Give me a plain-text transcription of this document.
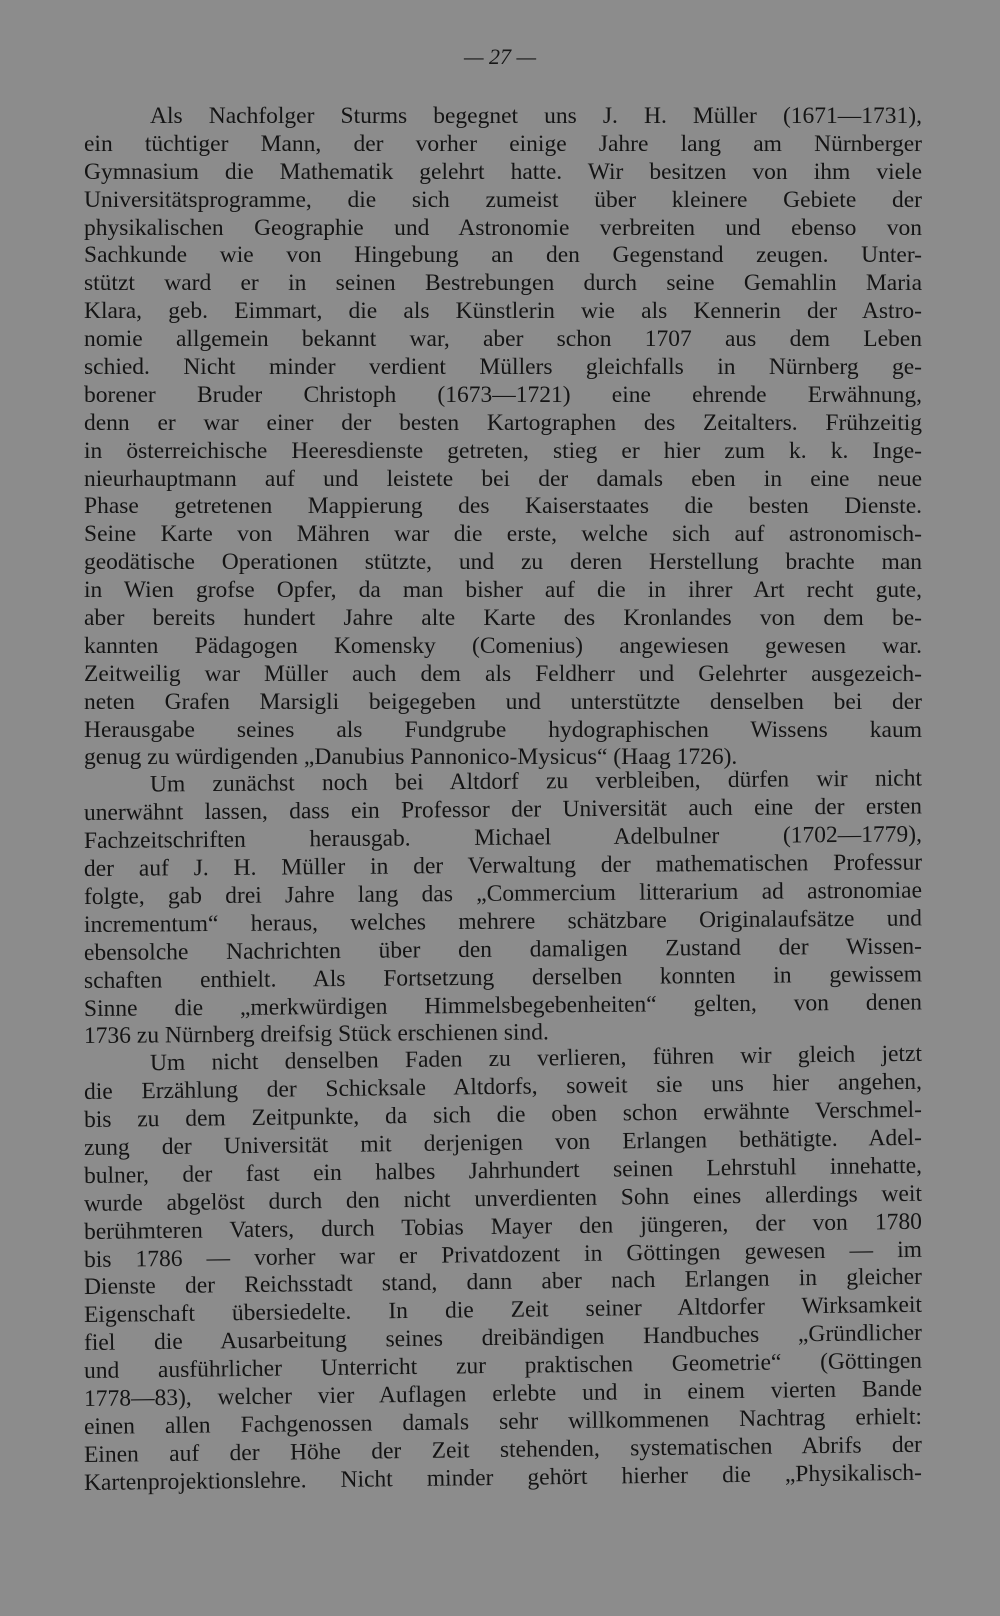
— 27 —
Als Nachfolger Sturms begegnet uns J. H. Müller (1671—1731),
ein tüchtiger Mann, der vorher einige Jahre lang am Nürnberger
Gymnasium die Mathematik gelehrt hatte. Wir besitzen von ihm viele
Universitätsprogramme, die sich zumeist über kleinere Gebiete der
physikalischen Geographie und Astronomie verbreiten und ebenso von
Sachkunde wie von Hingebung an den Gegenstand zeugen. Unter-
stützt ward er in seinen Bestrebungen durch seine Gemahlin Maria
Klara, geb. Eimmart, die als Künstlerin wie als Kennerin der Astro-
nomie allgemein bekannt war, aber schon 1707 aus dem Leben
schied. Nicht minder verdient Müllers gleichfalls in Nürnberg ge-
borener Bruder Christoph (1673—1721) eine ehrende Erwähnung,
denn er war einer der besten Kartographen des Zeitalters. Frühzeitig
in österreichische Heeresdienste getreten, stieg er hier zum k. k. Inge-
nieurhauptmann auf und leistete bei der damals eben in eine neue
Phase getretenen Mappierung des Kaiserstaates die besten Dienste.
Seine Karte von Mähren war die erste, welche sich auf astronomisch-
geodätische Operationen stützte, und zu deren Herstellung brachte man
in Wien grofse Opfer, da man bisher auf die in ihrer Art recht gute,
aber bereits hundert Jahre alte Karte des Kronlandes von dem be-
kannten Pädagogen Komensky (Comenius) angewiesen gewesen war.
Zeitweilig war Müller auch dem als Feldherr und Gelehrter ausgezeich-
neten Grafen Marsigli beigegeben und unterstützte denselben bei der
Herausgabe seines als Fundgrube hydographischen Wissens kaum
genug zu würdigenden „Danubius Pannonico-Mysicus“ (Haag 1726).
Um zunächst noch bei Altdorf zu verbleiben, dürfen wir nicht
unerwähnt lassen, dass ein Professor der Universität auch eine der ersten
Fachzeitschriften herausgab. Michael Adelbulner (1702—1779),
der auf J. H. Müller in der Verwaltung der mathematischen Professur
folgte, gab drei Jahre lang das „Commercium litterarium ad astronomiae
incrementum“ heraus, welches mehrere schätzbare Originalaufsätze und
ebensolche Nachrichten über den damaligen Zustand der Wissen-
schaften enthielt. Als Fortsetzung derselben konnten in gewissem
Sinne die „merkwürdigen Himmelsbegebenheiten“ gelten, von denen
1736 zu Nürnberg dreifsig Stück erschienen sind.
Um nicht denselben Faden zu verlieren, führen wir gleich jetzt
die Erzählung der Schicksale Altdorfs, soweit sie uns hier angehen,
bis zu dem Zeitpunkte, da sich die oben schon erwähnte Verschmel-
zung der Universität mit derjenigen von Erlangen bethätigte. Adel-
bulner, der fast ein halbes Jahrhundert seinen Lehrstuhl innehatte,
wurde abgelöst durch den nicht unverdienten Sohn eines allerdings weit
berühmteren Vaters, durch Tobias Mayer den jüngeren, der von 1780
bis 1786 — vorher war er Privatdozent in Göttingen gewesen — im
Dienste der Reichsstadt stand, dann aber nach Erlangen in gleicher
Eigenschaft übersiedelte. In die Zeit seiner Altdorfer Wirksamkeit
fiel die Ausarbeitung seines dreibändigen Handbuches „Gründlicher
und ausführlicher Unterricht zur praktischen Geometrie“ (Göttingen
1778—83), welcher vier Auflagen erlebte und in einem vierten Bande
einen allen Fachgenossen damals sehr willkommenen Nachtrag erhielt:
Einen auf der Höhe der Zeit stehenden, systematischen Abrifs der
Kartenprojektionslehre. Nicht minder gehört hierher die „Physikalisch-
